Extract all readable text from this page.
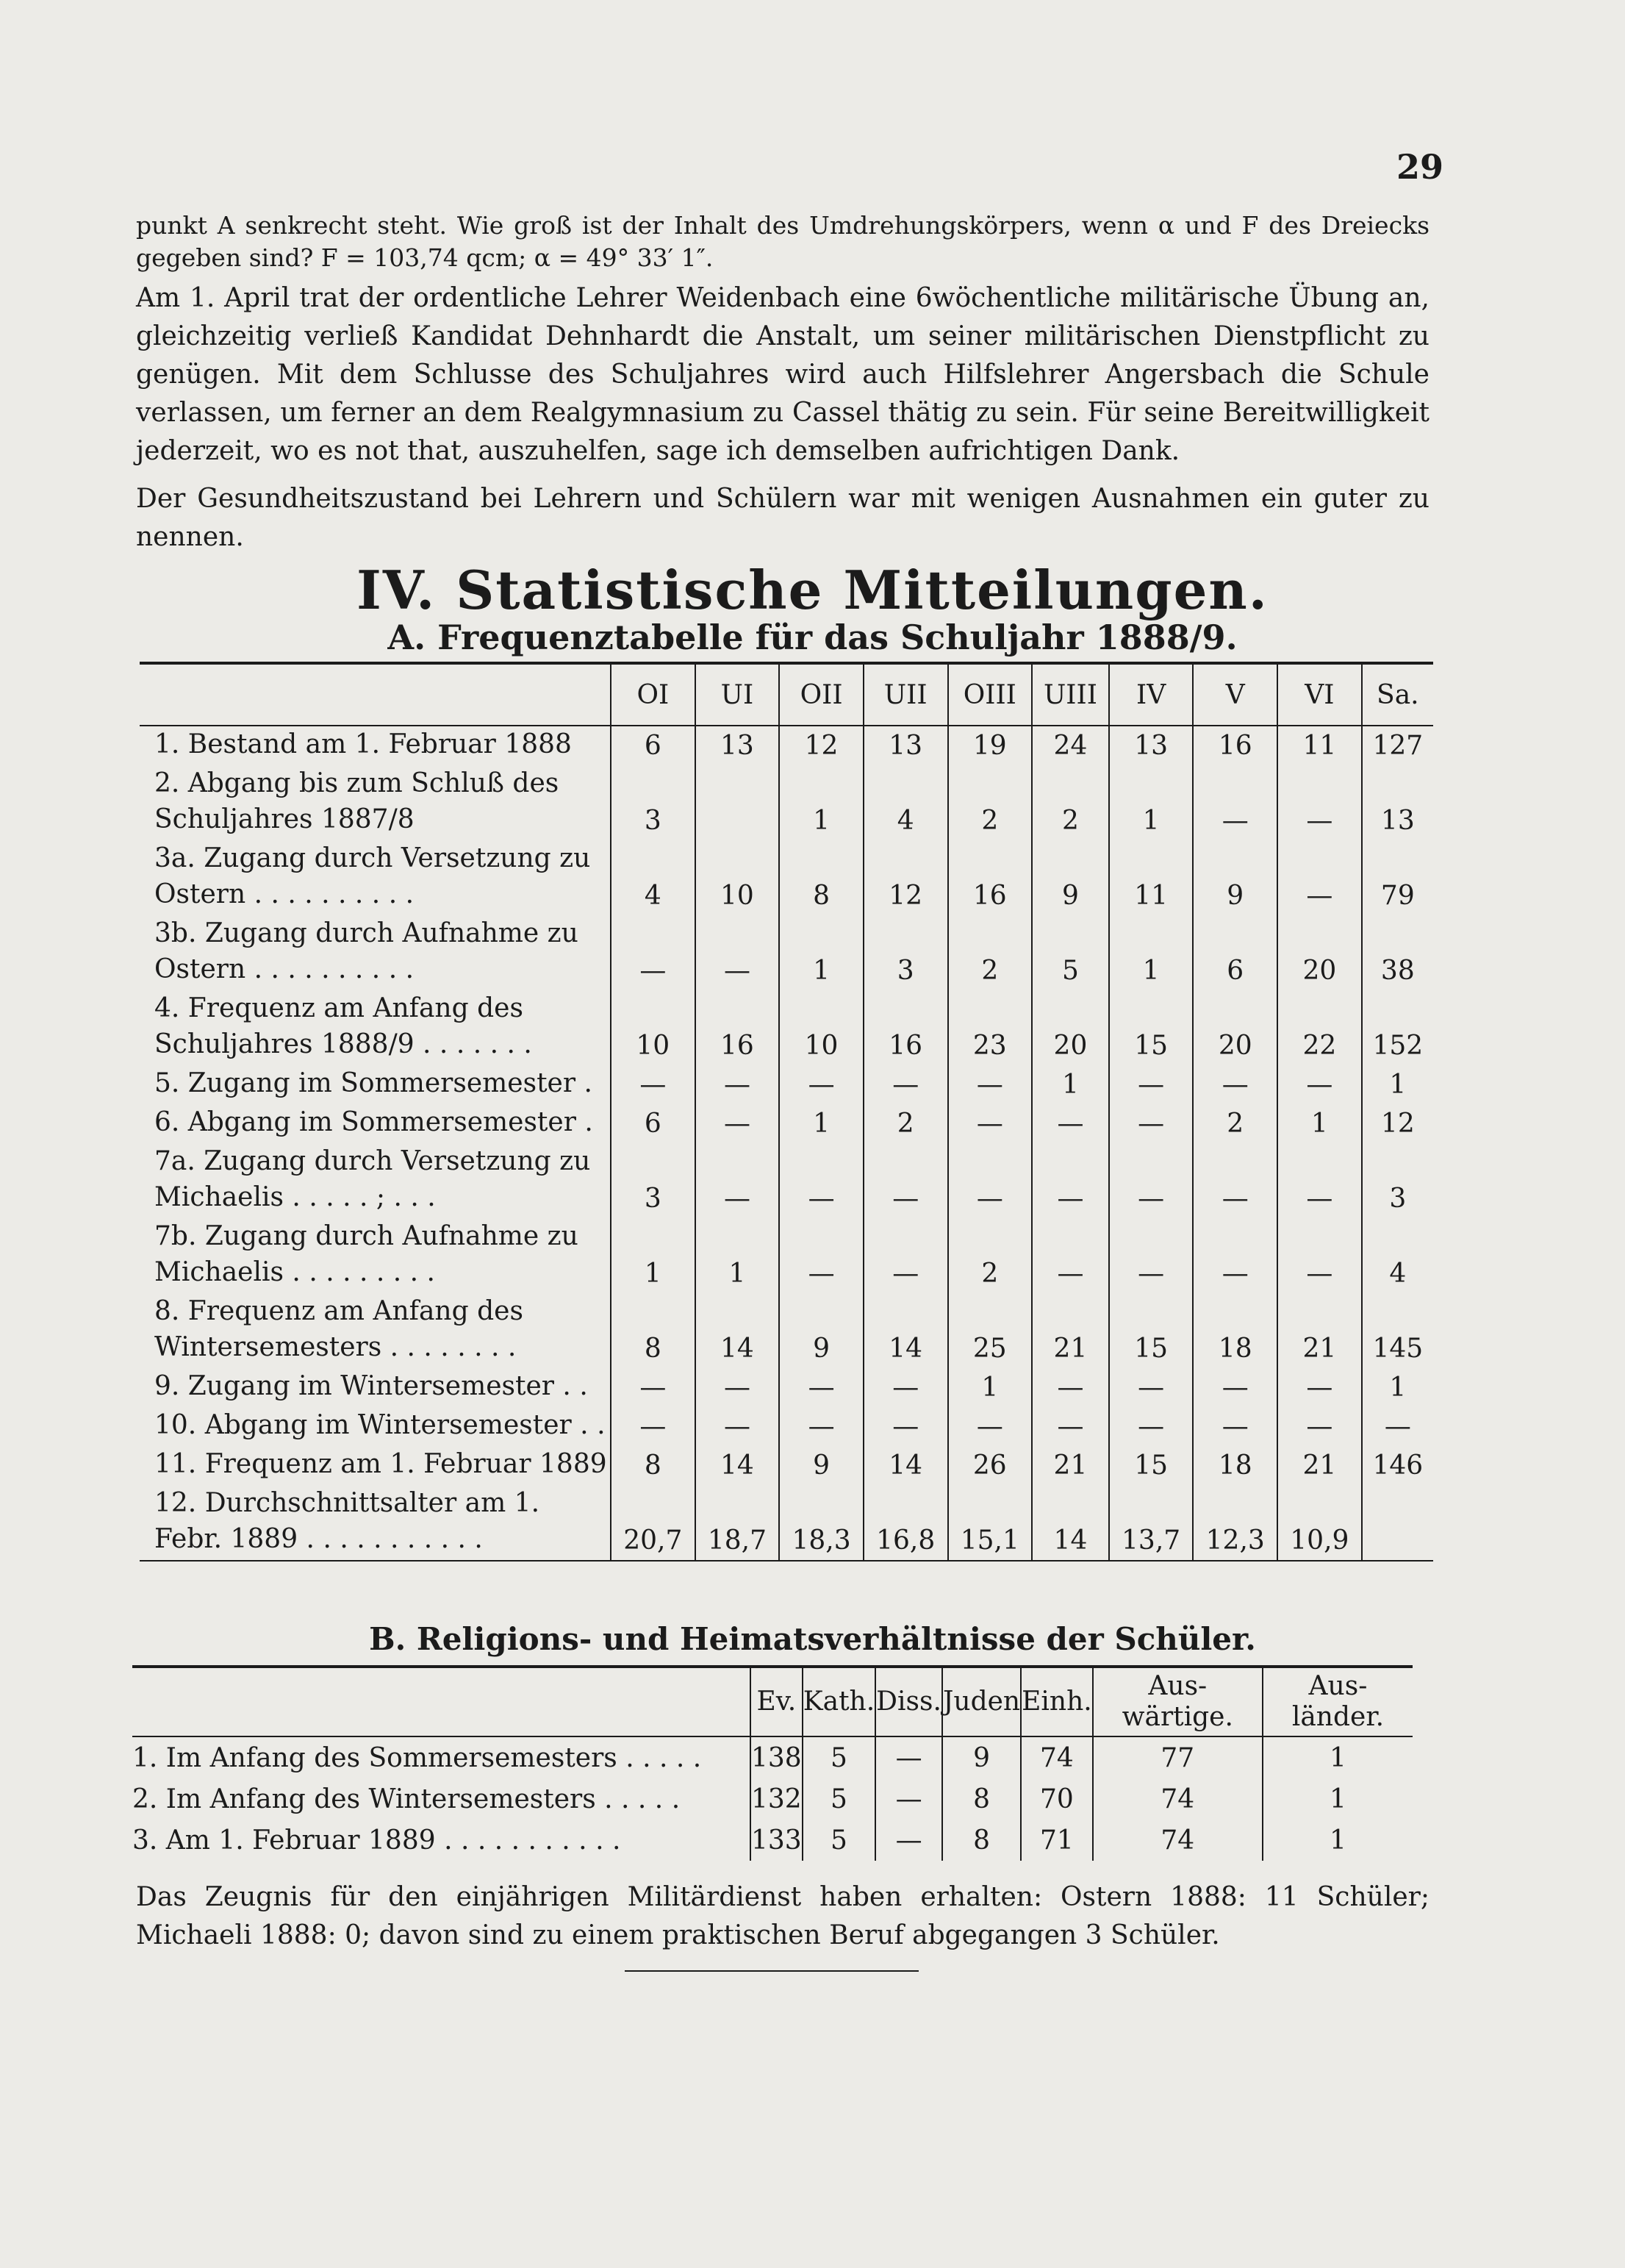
29

punkt A senkrecht steht. Wie groß ist der Inhalt des Umdrehungskörpers, wenn α und F des Dreiecks gegeben sind? F = 103,74 qcm; α = 49° 33′ 1″.

Am 1. April trat der ordentliche Lehrer Weidenbach eine 6wöchentliche militärische Übung an, gleichzeitig verließ Kandidat Dehnhardt die Anstalt, um seiner militärischen Dienstpflicht zu genügen. Mit dem Schlusse des Schuljahres wird auch Hilfslehrer Angersbach die Schule verlassen, um ferner an dem Realgymnasium zu Cassel thätig zu sein. Für seine Bereitwilligkeit jederzeit, wo es not that, auszuhelfen, sage ich demselben aufrichtigen Dank.

Der Gesundheitszustand bei Lehrern und Schülern war mit wenigen Ausnahmen ein guter zu nennen.

IV. Statistische Mitteilungen.
A. Frequenztabelle für das Schuljahr 1888/9.
	OI	UI	OII	UII	OIII	UIII	IV	V	VI	Sa.
1. Bestand am 1. Februar 1888	6	13	12	13	19	24	13	16	11	127
2. Abgang bis zum Schluß des Schuljahres 1887/8	3		1	4	2	2	1	—	—	13
3a. Zugang durch Versetzung zu Ostern . . . . . . . . . .	4	10	8	12	16	9	11	9	—	79
3b. Zugang durch Aufnahme zu Ostern . . . . . . . . . .	—	—	1	3	2	5	1	6	20	38
4. Frequenz am Anfang des Schuljahres 1888/9 . . . . . . .	10	16	10	16	23	20	15	20	22	152
5. Zugang im Sommersemester .	—	—	—	—	—	1	—	—	—	1
6. Abgang im Sommersemester .	6	—	1	2	—	—	—	2	1	12
7a. Zugang durch Versetzung zu Michaelis . . . . . ; . . .	3	—	—	—	—	—	—	—	—	3
7b. Zugang durch Aufnahme zu Michaelis . . . . . . . . .	1	1	—	—	2	—	—	—	—	4
8. Frequenz am Anfang des Wintersemesters . . . . . . . .	8	14	9	14	25	21	15	18	21	145
9. Zugang im Wintersemester . .	—	—	—	—	1	—	—	—	—	1
10. Abgang im Wintersemester . .	—	—	—	—	—	—	—	—	—	—
11. Frequenz am 1. Februar 1889	8	14	9	14	26	21	15	18	21	146
12. Durchschnittsalter am 1. Febr. 1889 . . . . . . . . . . .	20,7	18,7	18,3	16,8	15,1	14	13,7	12,3	10,9	
B. Religions- und Heimatsverhältnisse der Schüler.
	Ev.	Kath.	Diss.	Juden	Einh.	Aus-wärtige.	Aus-länder.
1. Im Anfang des Sommersemesters . . . . .	138	5	—	9	74	77	1
2. Im Anfang des Wintersemesters . . . . .	132	5	—	8	70	74	1
3. Am 1. Februar 1889 . . . . . . . . . . .	133	5	—	8	71	74	1

Das Zeugnis für den einjährigen Militärdienst haben erhalten: Ostern 1888: 11 Schüler; Michaeli 1888: 0; davon sind zu einem praktischen Beruf abgegangen 3 Schüler.
